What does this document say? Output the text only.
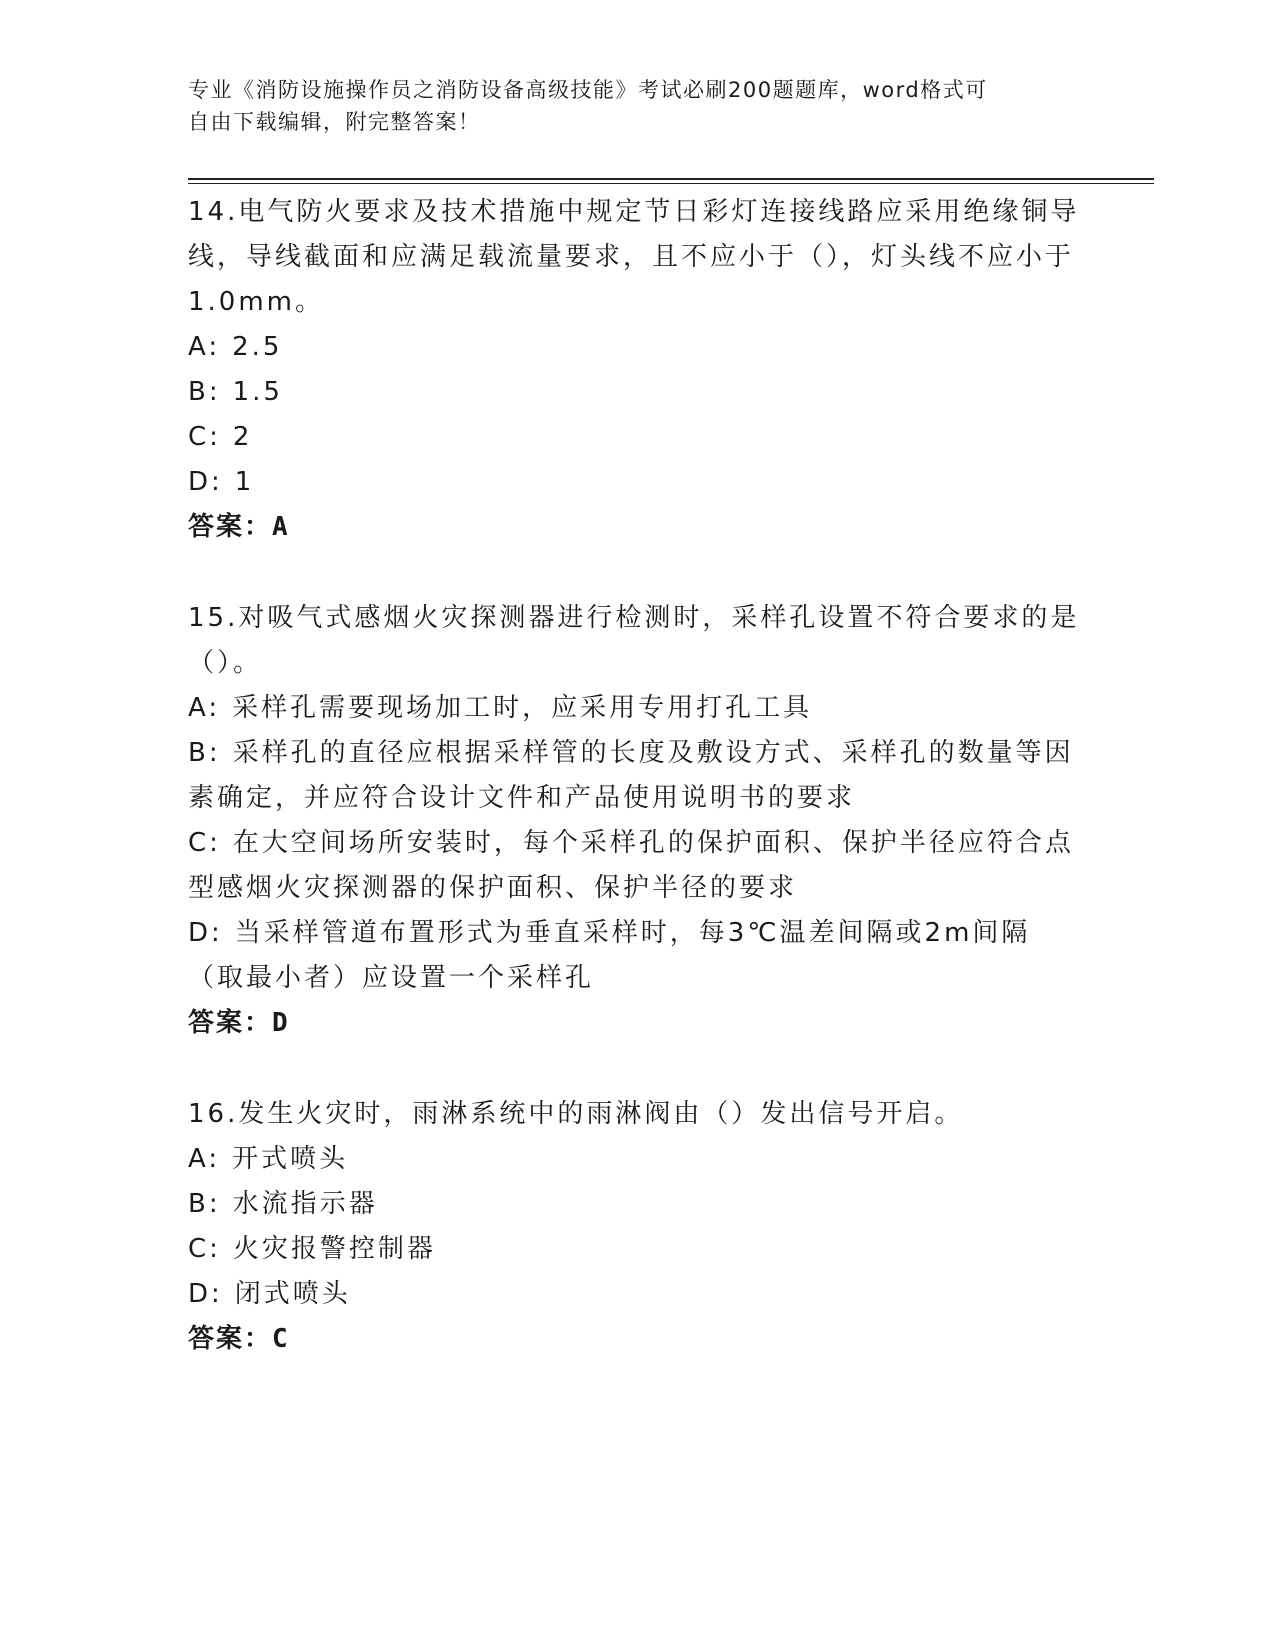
专业《消防设施操作员之消防设备高级技能》考试必刷200题题库，word格式可
自由下载编辑，附完整答案！

14.电气防火要求及技术措施中规定节日彩灯连接线路应采用绝缘铜导线，导线截面和应满足载流量要求，且不应小于（），灯头线不应小于1.0mm。

A: 2.5

B: 1.5

C: 2

D: 1

答案：A

15.对吸气式感烟火灾探测器进行检测时，采样孔设置不符合要求的是（）。

A: 采样孔需要现场加工时，应采用专用打孔工具

B: 采样孔的直径应根据采样管的长度及敷设方式、采样孔的数量等因素确定，并应符合设计文件和产品使用说明书的要求

C: 在大空间场所安装时，每个采样孔的保护面积、保护半径应符合点型感烟火灾探测器的保护面积、保护半径的要求

D: 当采样管道布置形式为垂直采样时，每3℃温差间隔或2m间隔（取最小者）应设置一个采样孔

答案：D

16.发生火灾时，雨淋系统中的雨淋阀由（）发出信号开启。

A: 开式喷头

B: 水流指示器

C: 火灾报警控制器

D: 闭式喷头

答案：C
